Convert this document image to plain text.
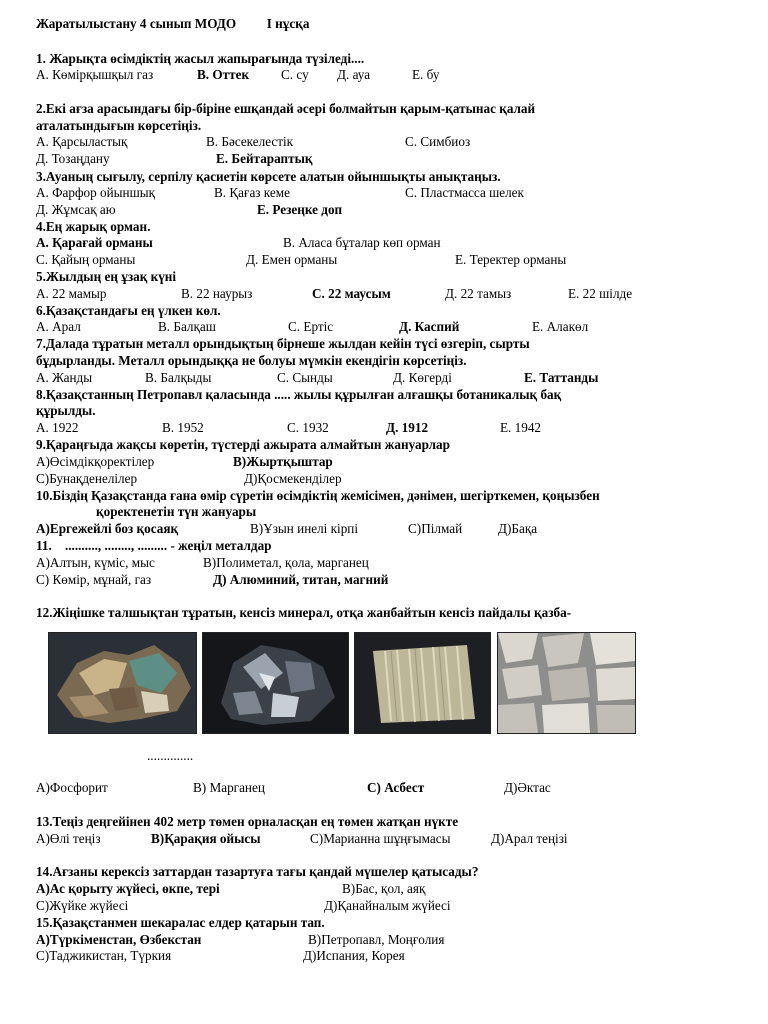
Жаратылыстану 4 сынып МОДО І нұсқа
1. Жарықта өсімдіктің жасыл жапырағында түзіледі....
А. Көмірқышқыл газ	В. Оттек С. су Д. ауа	Е. бу
2.Екі ағза арасындағы бір-біріне ешқандай әсері болмайтын қарым-қатынас қалай
аталатындығын көрсетіңіз.
А. Қарсыластық	В. Бәсекелестік	С. Симбиоз
Д. Тозаңдану	Е. Бейтараптық
3.Ауаның сығылу, серпілу қасиетін көрсете алатын ойыншықты анықтаңыз.
А. Фарфор ойыншық	В. Қағаз кеме	С. Пластмасса шелек
Д. Жұмсақ аю	Е. Резеңке доп
4.Ең жарық орман.
А. Қарағай орманы	В. Аласа бұталар көп орман
С. Қайың орманы	Д. Емен орманы	Е. Теректер орманы
5.Жылдың ең ұзақ күні
А. 22 мамыр	В. 22 наурыз	С. 22 маусым	Д. 22 тамыз	Е. 22 шілде
6.Қазақстандағы ең үлкен көл.
А. Арал	В. Балқаш	С. Ертіс	Д. Каспий	Е. Алакөл
7.Далада тұратын металл орындықтың бірнеше жылдан кейін түсі өзгеріп, сырты
бұдырланды. Металл орындыққа не болуы мүмкін екендігін көрсетіңіз.
А. Жанды	В. Балқыды	С. Сынды	Д. Көгерді	Е. Таттанды
8.Қазақстанның Петропавл қаласында ..... жылы құрылған алғашқы ботаникалық бақ
құрылды.
А. 1922	В. 1952	С. 1932	Д. 1912	Е. 1942
9.Қараңғыда жақсы көретін, түстерді ажырата алмайтын жануарлар
А)Өсімдікқоректілер	В)Жыртқыштар
С)Бунақденелілер	Д)Қосмекенділер
10.Біздің Қазақстанда ғана өмір сүретін өсімдіктің жемісімен, дәнімен, шегірткемен, қоңызбен
қоректенетін түн жануары
А)Ергежейлі боз қосаяқ	В)Ұзын инелі кірпі	С)Пілмай	Д)Бақа
11.    .........., ........, ......... - жеңіл металдар
А)Алтын, күміс, мыс	В)Полиметал, қола, марганец
С) Көмір, мұнай, газ	Д) Алюминий, титан, магний
12.Жіңішке талшықтан тұратын, кенсіз минерал, отқа жанбайтын кенсіз пайдалы қазба-
..............
А)Фосфорит	В) Марганец	С) Асбест	Д)Әктас
13.Теңіз деңгейінен 402 метр төмен орналасқан ең төмен жатқан нүкте
А)Өлі теңіз	В)Қарақия ойысы	С)Марианна шұңғымасы	Д)Арал теңізі
14.Ағзаны керексіз заттардан тазартуға тағы қандай мүшелер қатысады?
А)Ас қорыту жүйесі, өкпе, тері	В)Бас, қол, аяқ
С)Жүйке жүйесі	Д)Қанайналым жүйесі
15.Қазақстанмен шекаралас елдер қатарын тап.
А)Түркіменстан, Өзбекстан	В)Петропавл, Моңғолия
С)Таджикистан, Түркия	Д)Испания, Корея
